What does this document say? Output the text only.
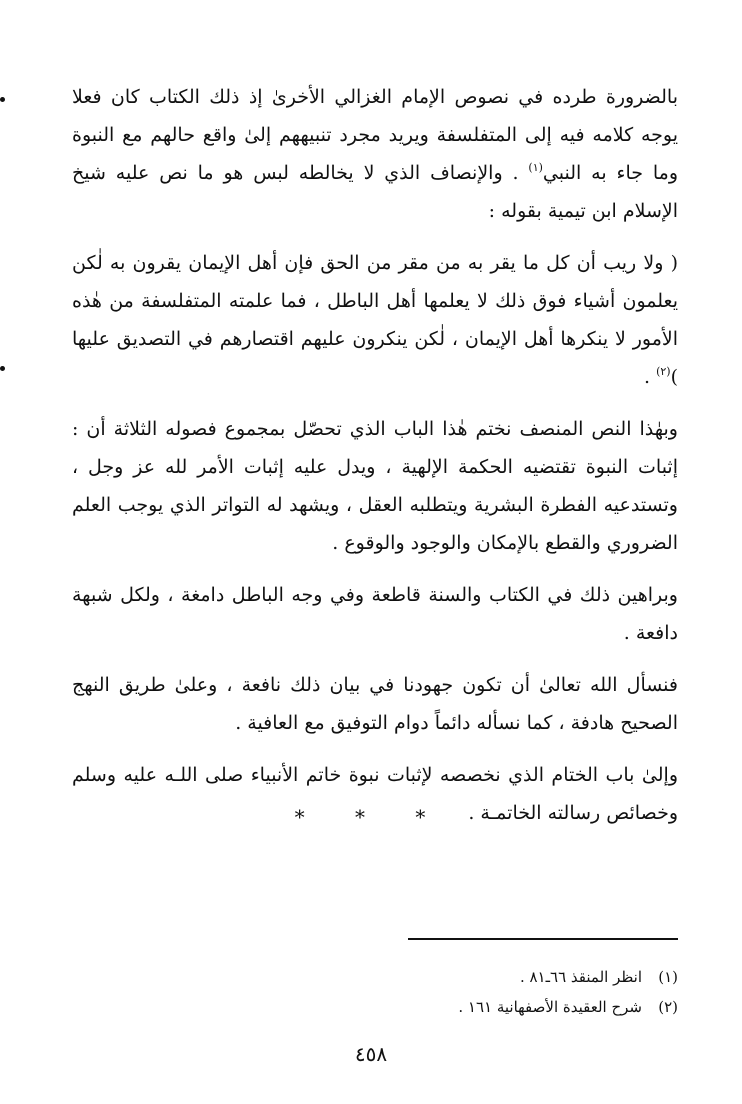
بالضرورة طرده في نصوص الإمام الغزالي الأخرىٰ إذ ذلك الكتاب كان فعلا يوجه كلامه فيه إلى المتفلسفة ويريد مجرد تنبيههم إلىٰ واقع حالهم مع النبوة وما جاء به النبي$^{(١)}$ . والإنصاف الذي لا يخالطه لبس هو ما نص عليه شيخ الإسلام ابن تيمية بقوله :

( ولا ريب أن كل ما يقر به من مقر من الحق فإن أهل الإيمان يقرون به لٰكن يعلمون أشياء فوق ذلك لا يعلمها أهل الباطل ، فما علمته المتفلسفة من هٰذه الأمور لا ينكرها أهل الإيمان ، لٰكن ينكرون عليهم اقتصارهم في التصديق عليها )$^{(٢)}$ .

وبهٰذا النص المنصف نختم هٰذا الباب الذي تحصّل بمجموع فصوله الثلاثة أن : إثبات النبوة تقتضيه الحكمة الإلهية ، ويدل عليه إثبات الأمر لله عز وجل ، وتستدعيه الفطرة البشرية ويتطلبه العقل ، ويشهد له التواتر الذي يوجب العلم الضروري والقطع بالإمكان والوجود والوقوع .

وبراهين ذلك في الكتاب والسنة قاطعة وفي وجه الباطل دامغة ، ولكل شبهة دافعة .

فنسأل الله تعالىٰ أن تكون جهودنا في بيان ذلك نافعة ، وعلىٰ طريق النهج الصحيح هادفة ، كما نسأله دائماً دوام التوفيق مع العافية .

وإلىٰ باب الختام الذي نخصصه لإثبات نبوة خاتم الأنبياء صلى اللـه عليه وسلم وخصائص رسالته الخاتمـة .

* * *
(١)انظر المنقذ ٦٦ـ٨١ .
(٢)شرح العقيدة الأصفهانية ١٦١ .
٤٥٨
